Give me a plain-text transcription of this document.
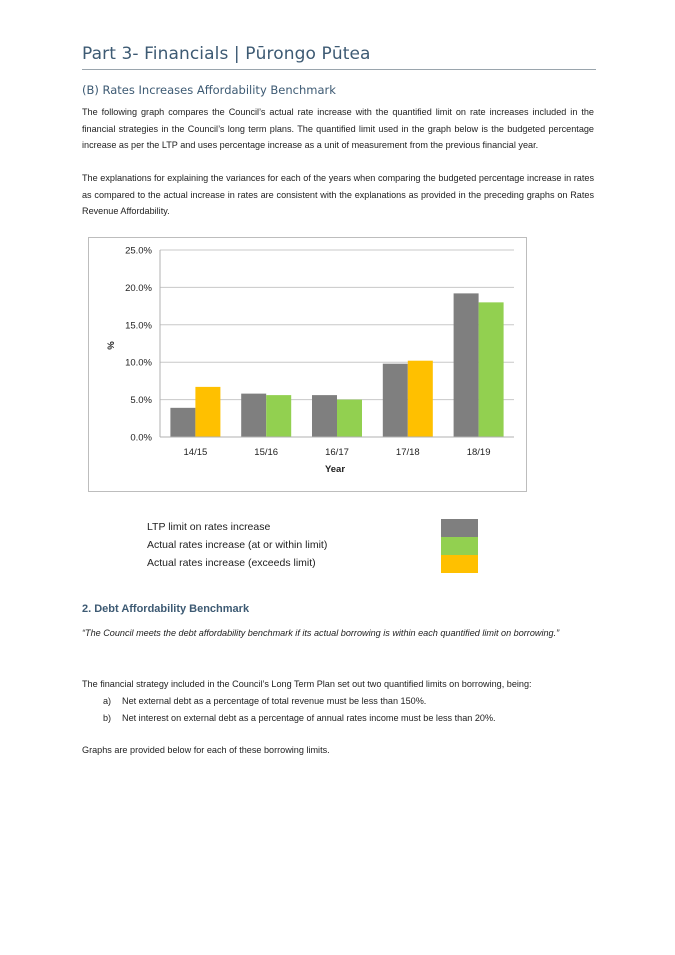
Part 3- Financials | Pūrongo Pūtea
(B) Rates Increases Affordability Benchmark
The following graph compares the Council’s actual rate increase with the quantified limit on rate increases included in the financial strategies in the Council’s long term plans. The quantified limit used in the graph below is the budgeted percentage increase as per the LTP and uses percentage increase as a unit of measurement from the previous financial year.
The explanations for explaining the variances for each of the years when comparing the budgeted percentage increase in rates as compared to the actual increase in rates are consistent with the explanations as provided in the preceding graphs on Rates Revenue Affordability.
0.0%
5.0%
10.0%
15.0%
20.0%
25.0%
14/15	15/16	16/17	17/18	18/19
Year
%
LTP limit on rates increase
Actual rates increase (at or within limit)
Actual rates increase (exceeds limit)
2. Debt Affordability Benchmark
“The Council meets the debt affordability benchmark if its actual borrowing is within each quantified limit on borrowing.”
The financial strategy included in the Council’s Long Term Plan set out two quantified limits on borrowing, being:
a) Net external debt as a percentage of total revenue must be less than 150%.
b) Net interest on external debt as a percentage of annual rates income must be less than 20%.
Graphs are provided below for each of these borrowing limits.
